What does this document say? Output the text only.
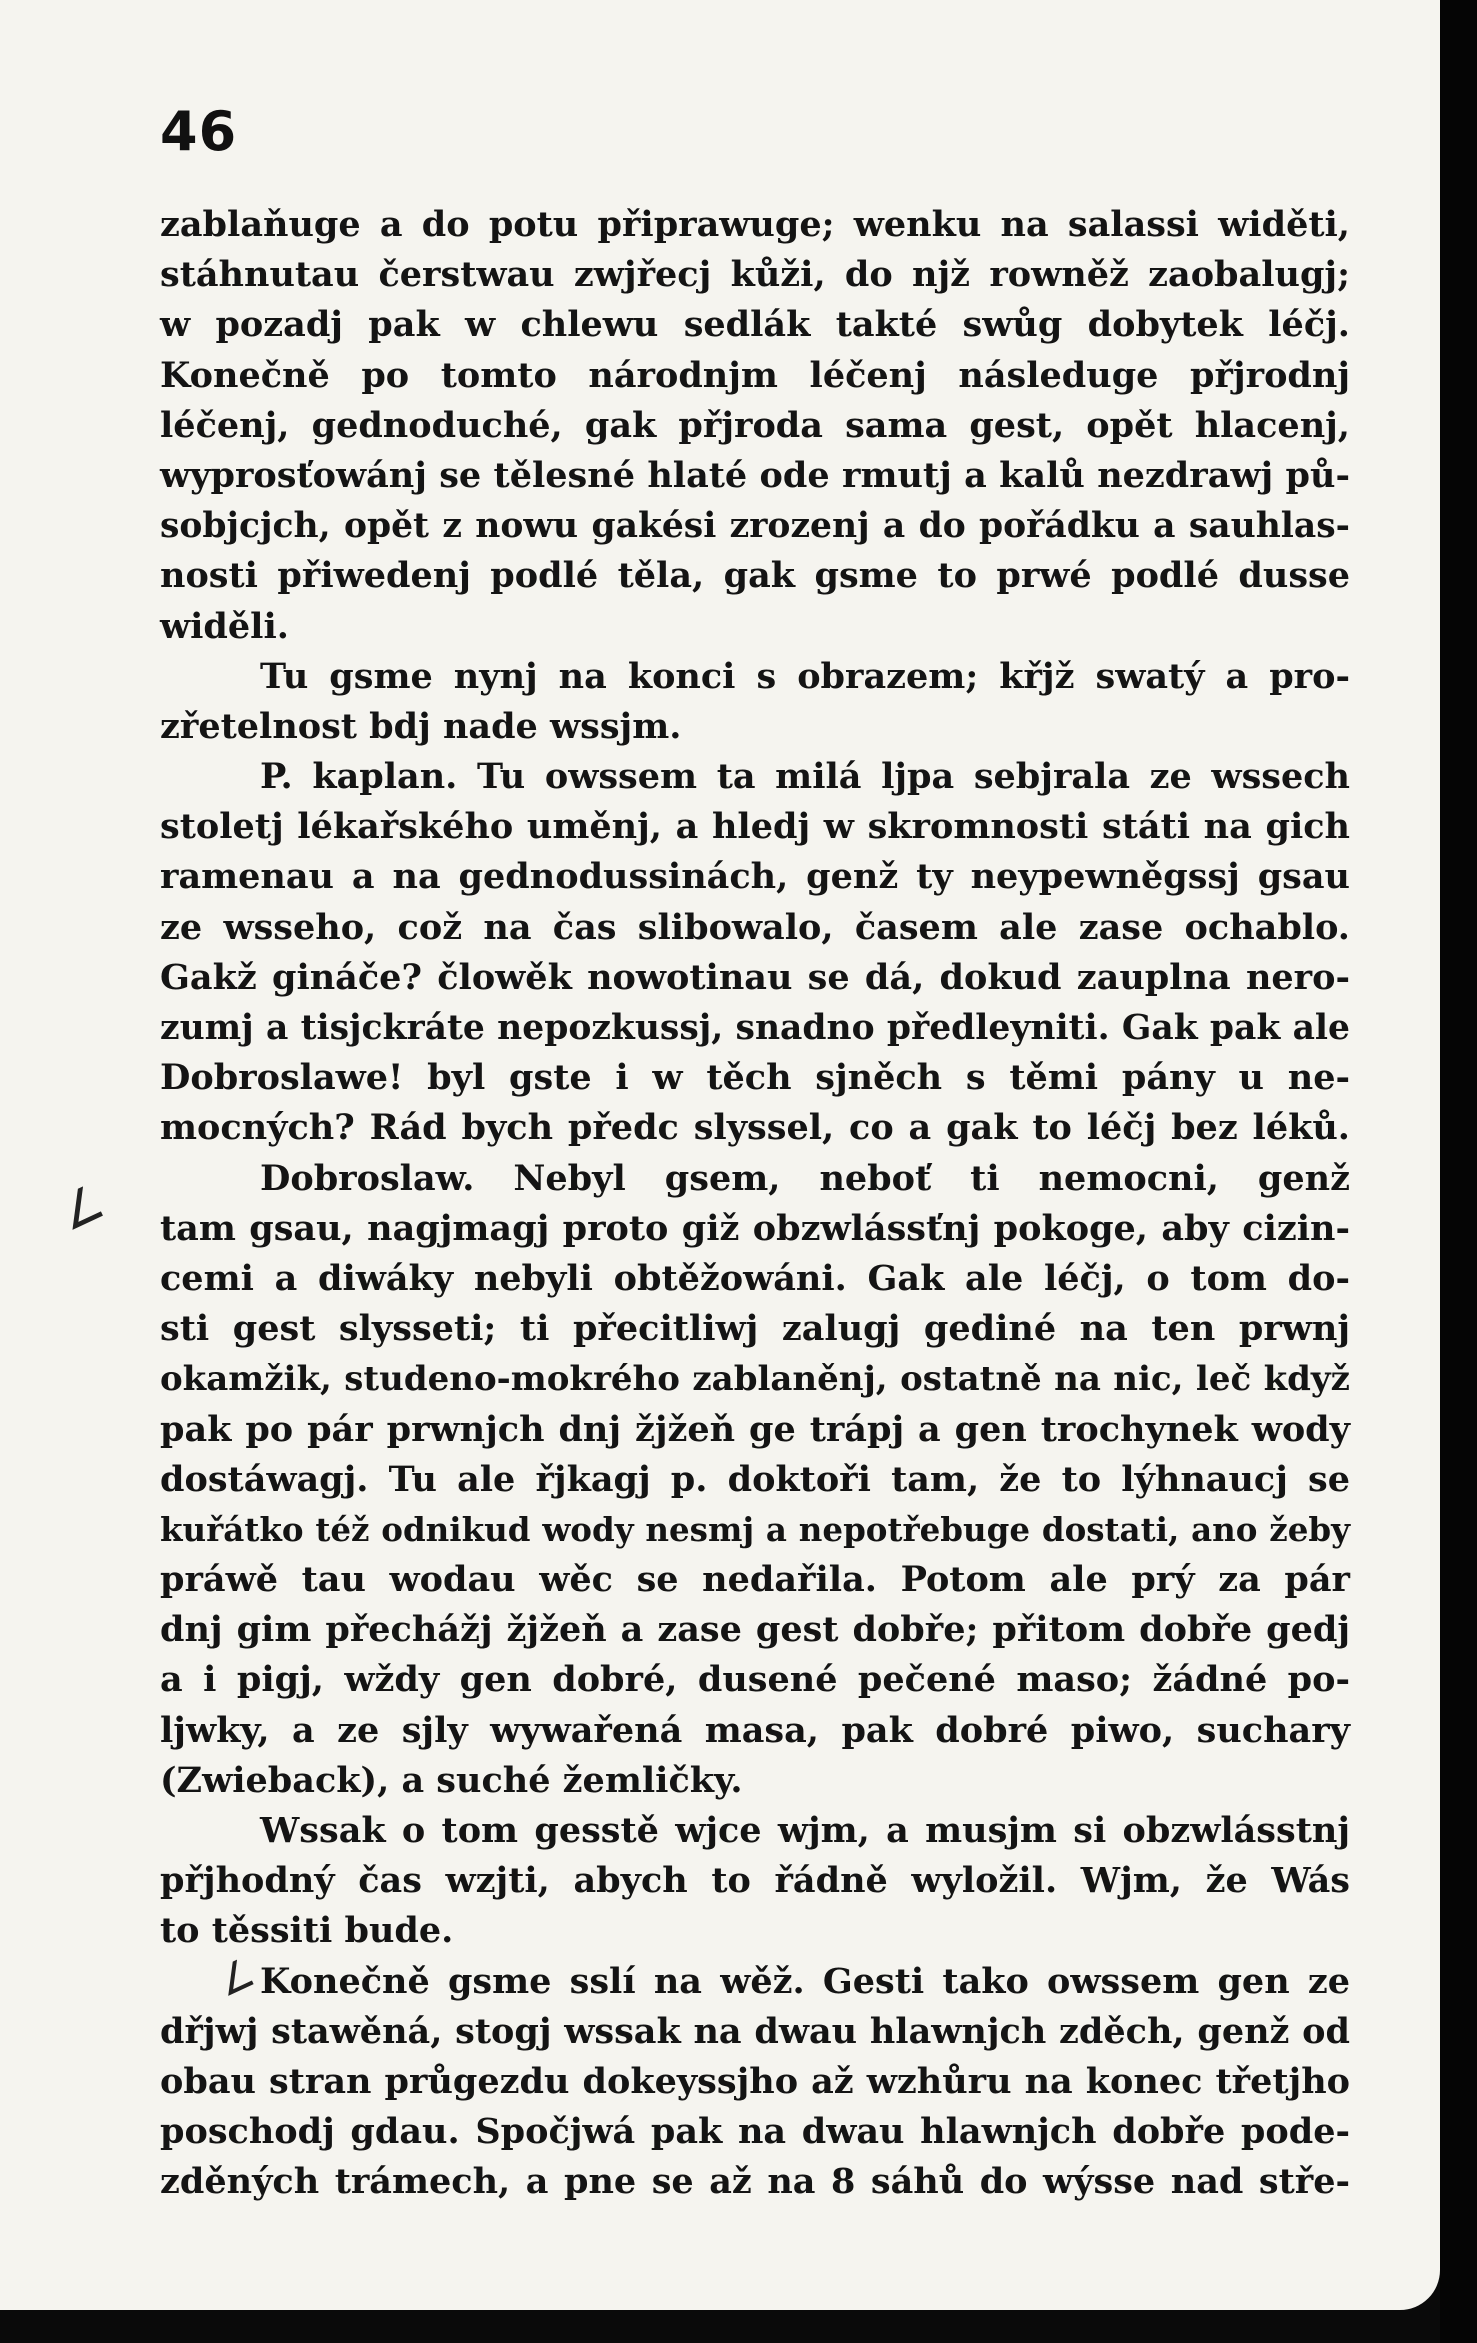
46
zablaňuge a do potu připrawuge; wenku na salassi widěti,
stáhnutau čerstwau zwjřecj kůži, do njž rowněž zaobalugj;
w pozadj pak w chlewu sedlák takté swůg dobytek léčj.
Konečně po tomto národnjm léčenj následuge přjrodnj
léčenj, gednoduché, gak přjroda sama gest, opět hlacenj,
wyprosťowánj se tělesné hlaté ode rmutj a kalů nezdrawj pů-
sobjcjch, opět z nowu gakési zrozenj a do pořádku a sauhlas-
nosti přiwedenj podlé těla, gak gsme to prwé podlé dusse
widěli.
Tu gsme nynj na konci s obrazem; křjž swatý a pro-
zřetelnost bdj nade wssjm.
P. kaplan. Tu owssem ta milá ljpa sebjrala ze wssech
stoletj lékařského uměnj, a hledj w skromnosti státi na gich
ramenau a na gednodussinách, genž ty neypewněgssj gsau
ze wsseho, což na čas slibowalo, časem ale zase ochablo.
Gakž gináče? člowěk nowotinau se dá, dokud zauplna nero-
zumj a tisjckráte nepozkussj, snadno předleyniti. Gak pak ale
Dobroslawe! byl gste i w těch sjněch s těmi pány u ne-
mocných? Rád bych předc slyssel, co a gak to léčj bez léků.
Dobroslaw. Nebyl gsem, neboť ti nemocni, genž
tam gsau, nagjmagj proto giž obzwlássťnj pokoge, aby cizin-
cemi a diwáky nebyli obtěžowáni. Gak ale léčj, o tom do-
sti gest slysseti; ti přecitliwj zalugj gediné na ten prwnj
okamžik, studeno-mokrého zablaněnj, ostatně na nic, leč když
pak po pár prwnjch dnj žjžeň ge trápj a gen trochynek wody
dostáwagj. Tu ale řjkagj p. doktoři tam, že to lýhnaucj se
kuřátko též odnikud wody nesmj a nepotřebuge dostati, ano žeby
práwě tau wodau wěc se nedařila. Potom ale prý za pár
dnj gim přechážj žjžeň a zase gest dobře; přitom dobře gedj
a i pigj, wždy gen dobré, dusené pečené maso; žádné po-
ljwky, a ze sjly wywařená masa, pak dobré piwo, suchary
(Zwieback), a suché žemličky.
Wssak o tom gesstě wjce wjm, a musjm si obzwlásstnj
přjhodný čas wzjti, abych to řádně wyložil. Wjm, že Wás
to těssiti bude.
Konečně gsme sslí na wěž. Gesti tako owssem gen ze
dřjwj stawěná, stogj wssak na dwau hlawnjch zděch, genž od
obau stran průgezdu dokeyssjho až wzhůru na konec třetjho
poschodj gdau. Spočjwá pak na dwau hlawnjch dobře pode-
zděných trámech, a pne se až na 8 sáhů do wýsse nad stře-
∠
∠
